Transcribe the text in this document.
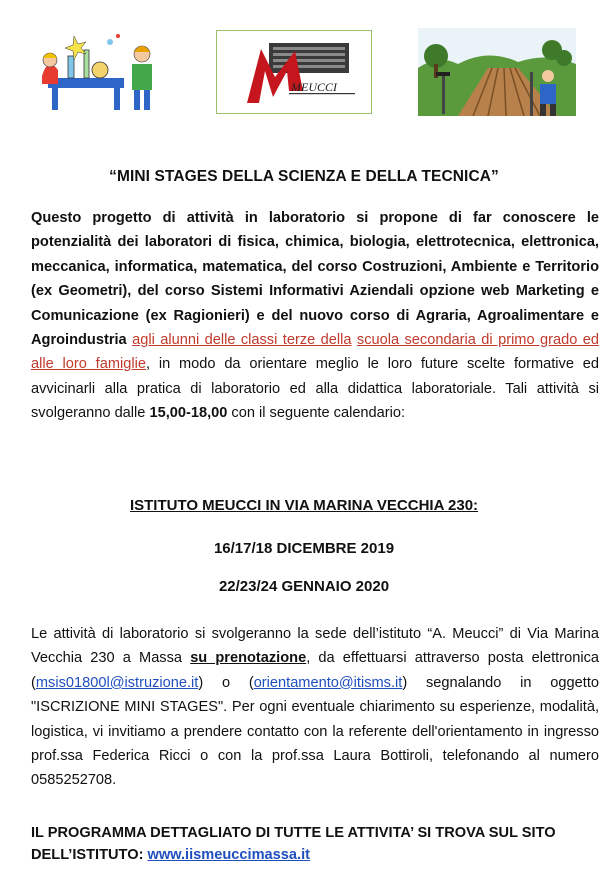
MEUCCI
“MINI STAGES DELLA SCIENZA E DELLA TECNICA”
Questo progetto di attività in laboratorio si propone di far conoscere le potenzialità dei laboratori di fisica, chimica, biologia, elettrotecnica, elettronica, meccanica, informatica, matematica, del corso Costruzioni, Ambiente e Territorio (ex Geometri), del corso Sistemi Informativi Aziendali opzione web Marketing e Comunicazione (ex Ragionieri) e del nuovo corso di Agraria, Agroalimentare e Agroindustria agli alunni delle classi terze della scuola secondaria di primo grado ed alle loro famiglie, in modo da orientare meglio le loro future scelte formative ed avvicinarli alla pratica di laboratorio ed alla didattica laboratoriale. Tali attività si svolgeranno dalle 15,00-18,00 con il seguente calendario:
ISTITUTO MEUCCI IN VIA MARINA VECCHIA 230:
16/17/18 DICEMBRE 2019
22/23/24 GENNAIO 2020
Le attività di laboratorio si svolgeranno la sede dell’istituto “A. Meucci” di Via Marina Vecchia 230 a Massa su prenotazione, da effettuarsi attraverso posta elettronica (msis01800l@istruzione.it) o (orientamento@itisms.it) segnalando in oggetto "ISCRIZIONE MINI STAGES". Per ogni eventuale chiarimento su esperienze, modalità, logistica, vi invitiamo a prendere contatto con la referente dell'orientamento in ingresso prof.ssa Federica Ricci o con la prof.ssa Laura Bottiroli, telefonando al numero 0585252708.
IL PROGRAMMA DETTAGLIATO DI TUTTE LE ATTIVITA’ SI TROVA SUL SITO DELL’ISTITUTO: www.iismeuccimassa.it
